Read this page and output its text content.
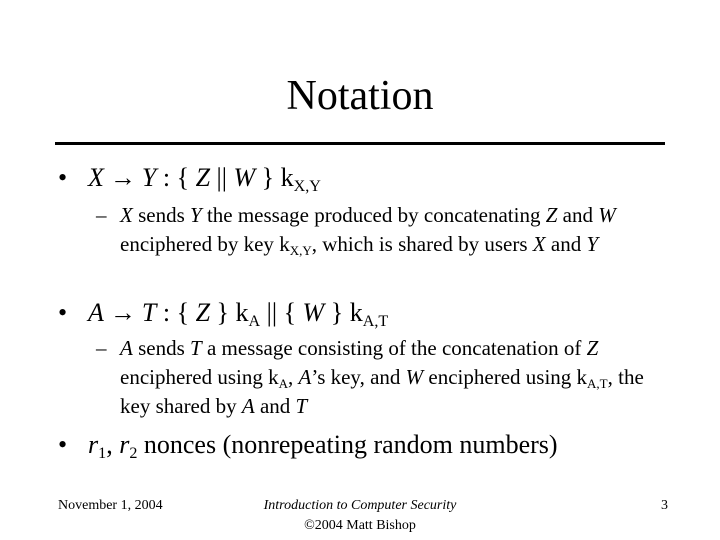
Notation
• X → Y : { Z || W } $k_{X,Y}$
– X sends Y the message produced by concatenating Z and W enciphered by key $k_{X,Y}$, which is shared by users X and Y
• A → T : { Z } $k_A$ || { W } $k_{A,T}$
– A sends T a message consisting of the concatenation of Z enciphered using $k_A$, A’s key, and W enciphered using $k_{A,T}$, the key shared by A and T
• $r_1$, $r_2$ nonces (nonrepeating random numbers)
November 1, 2004	Introduction to Computer Security
©2004 Matt Bishop
3
